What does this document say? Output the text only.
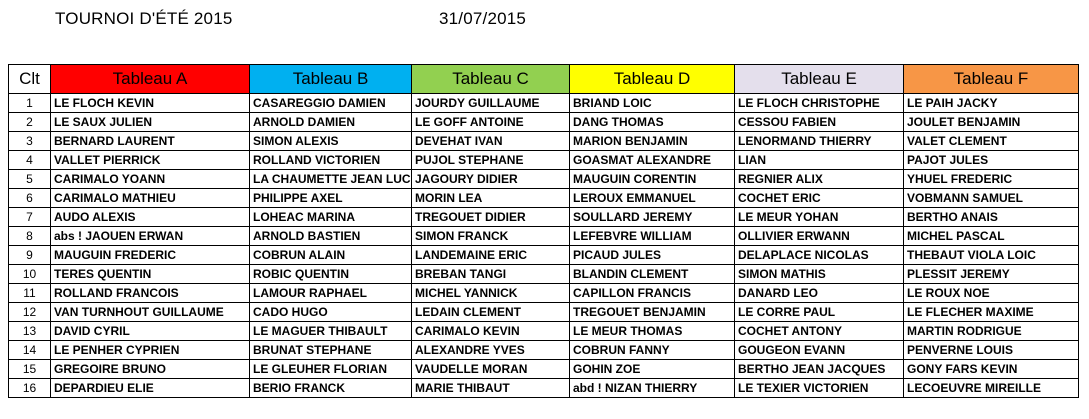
TOURNOI D'ÉTÉ 2015	31/07/2015
Clt	Tableau A	Tableau B	Tableau C	Tableau D	Tableau E	Tableau F
1	LE FLOCH KEVIN	CASAREGGIO DAMIEN	JOURDY GUILLAUME	BRIAND LOIC	LE FLOCH CHRISTOPHE	LE PAIH JACKY
2	LE SAUX JULIEN	ARNOLD DAMIEN	LE GOFF ANTOINE	DANG THOMAS	CESSOU FABIEN	JOULET BENJAMIN
3	BERNARD LAURENT	SIMON ALEXIS	DEVEHAT IVAN	MARION BENJAMIN	LENORMAND THIERRY	VALET CLEMENT
4	VALLET PIERRICK	ROLLAND VICTORIEN	PUJOL STEPHANE	GOASMAT ALEXANDRE	LIAN	PAJOT JULES
5	CARIMALO YOANN	LA CHAUMETTE JEAN LUC	JAGOURY DIDIER	MAUGUIN CORENTIN	REGNIER ALIX	YHUEL FREDERIC
6	CARIMALO MATHIEU	PHILIPPE AXEL	MORIN LEA	LEROUX EMMANUEL	COCHET ERIC	VOBMANN SAMUEL
7	AUDO ALEXIS	LOHEAC MARINA	TREGOUET DIDIER	SOULLARD JEREMY	LE MEUR YOHAN	BERTHO ANAIS
8	abs ! JAOUEN ERWAN	ARNOLD BASTIEN	SIMON FRANCK	LEFEBVRE WILLIAM	OLLIVIER ERWANN	MICHEL PASCAL
9	MAUGUIN FREDERIC	COBRUN ALAIN	LANDEMAINE ERIC	PICAUD JULES	DELAPLACE NICOLAS	THEBAUT VIOLA LOIC
10	TERES QUENTIN	ROBIC QUENTIN	BREBAN TANGI	BLANDIN CLEMENT	SIMON MATHIS	PLESSIT JEREMY
11	ROLLAND FRANCOIS	LAMOUR RAPHAEL	MICHEL YANNICK	CAPILLON FRANCIS	DANARD LEO	LE ROUX NOE
12	VAN TURNHOUT GUILLAUME	CADO HUGO	LEDAIN CLEMENT	TREGOUET BENJAMIN	LE CORRE PAUL	LE FLECHER MAXIME
13	DAVID CYRIL	LE MAGUER THIBAULT	CARIMALO KEVIN	LE MEUR THOMAS	COCHET ANTONY	MARTIN RODRIGUE
14	LE PENHER CYPRIEN	BRUNAT STEPHANE	ALEXANDRE YVES	COBRUN FANNY	GOUGEON EVANN	PENVERNE LOUIS
15	GREGOIRE BRUNO	LE GLEUHER FLORIAN	VAUDELLE MORAN	GOHIN ZOE	BERTHO JEAN JACQUES	GONY FARS KEVIN
16	DEPARDIEU ELIE	BERIO FRANCK	MARIE THIBAUT	abd ! NIZAN THIERRY	LE TEXIER VICTORIEN	LECOEUVRE MIREILLE
